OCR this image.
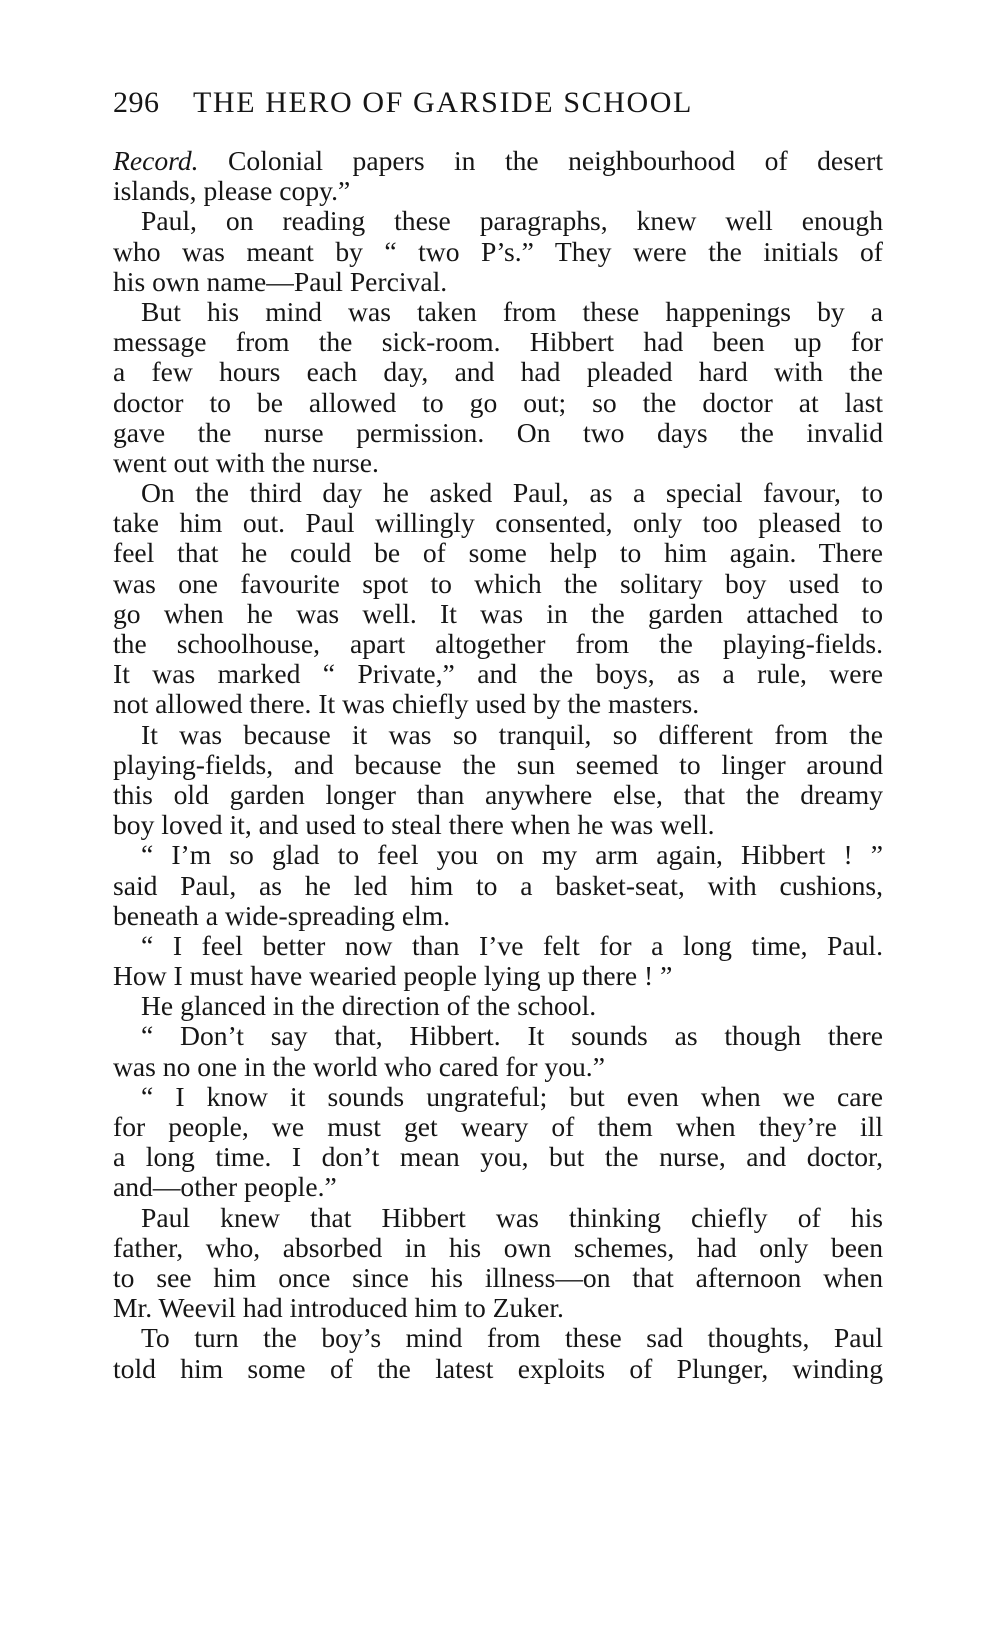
296 THE HERO OF GARSIDE SCHOOL
Record. Colonial papers in the neighbourhood of desert
islands, please copy.”
Paul, on reading these paragraphs, knew well enough
who was meant by “ two P’s.” They were the initials of
his own name—Paul Percival.
But his mind was taken from these happenings by a
message from the sick-room. Hibbert had been up for
a few hours each day, and had pleaded hard with the
doctor to be allowed to go out; so the doctor at last
gave the nurse permission. On two days the invalid
went out with the nurse.
On the third day he asked Paul, as a special favour, to
take him out. Paul willingly consented, only too pleased to
feel that he could be of some help to him again. There
was one favourite spot to which the solitary boy used to
go when he was well. It was in the garden attached to
the schoolhouse, apart altogether from the playing-fields.
It was marked “ Private,” and the boys, as a rule, were
not allowed there. It was chiefly used by the masters.
It was because it was so tranquil, so different from the
playing-fields, and because the sun seemed to linger around
this old garden longer than anywhere else, that the dreamy
boy loved it, and used to steal there when he was well.
“ I’m so glad to feel you on my arm again, Hibbert ! ”
said Paul, as he led him to a basket-seat, with cushions,
beneath a wide-spreading elm.
“ I feel better now than I’ve felt for a long time, Paul.
How I must have wearied people lying up there ! ”
He glanced in the direction of the school.
“ Don’t say that, Hibbert. It sounds as though there
was no one in the world who cared for you.”
“ I know it sounds ungrateful; but even when we care
for people, we must get weary of them when they’re ill
a long time. I don’t mean you, but the nurse, and doctor,
and—other people.”
Paul knew that Hibbert was thinking chiefly of his
father, who, absorbed in his own schemes, had only been
to see him once since his illness—on that afternoon when
Mr. Weevil had introduced him to Zuker.
To turn the boy’s mind from these sad thoughts, Paul
told him some of the latest exploits of Plunger, winding
